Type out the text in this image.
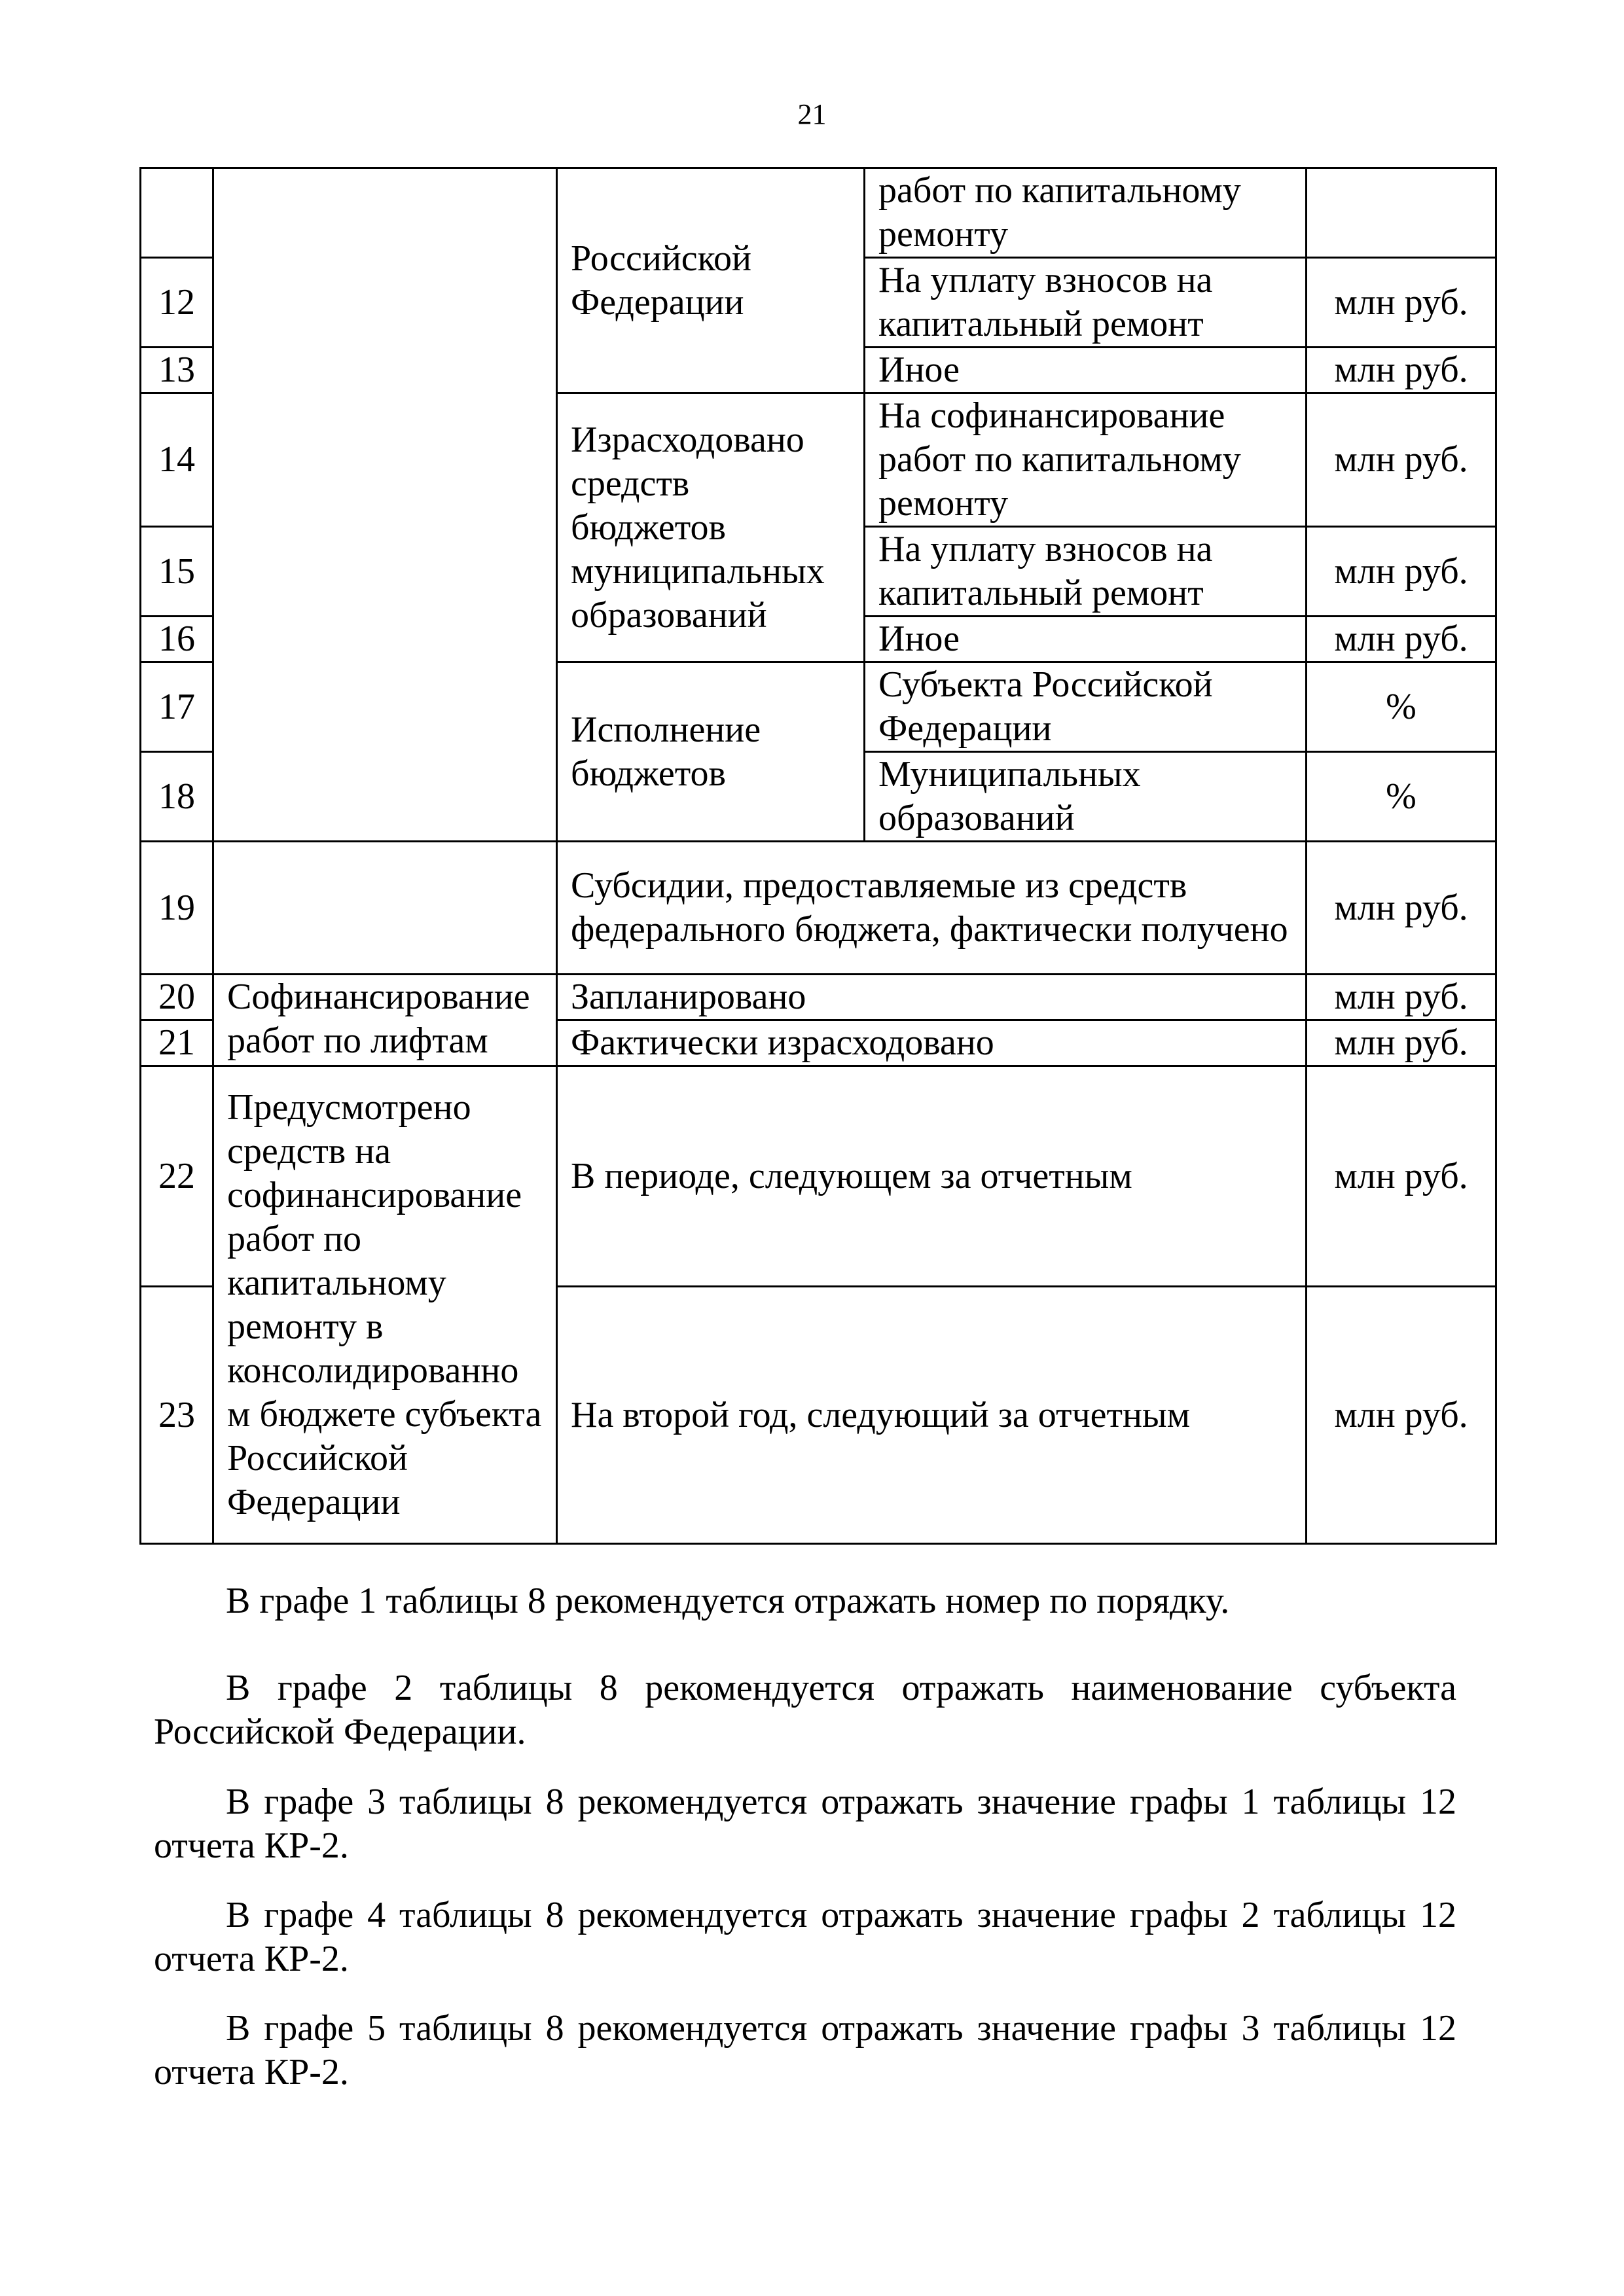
21
		Российской Федерации	работ по капитальному ремонту	
12			На уплату взносов на капитальный ремонт	млн руб.
13			Иное	млн руб.
14		Израсходовано средств бюджетов муниципальных образований	На софинансирование работ по капитальному ремонту	млн руб.
15			На уплату взносов на капитальный ремонт	млн руб.
16			Иное	млн руб.
17		Исполнение бюджетов	Субъекта Российской Федерации	%
18			Муниципальных образований	%
19		Субсидии, предоставляемые из средств федерального бюджета, фактически получено		млн руб.
20	Софинансирование работ по лифтам	Запланировано		млн руб.
21		Фактически израсходовано		млн руб.
22	Предусмотрено средств на софинансирование работ по капитальному ремонту в консолидированно м бюджете субъекта Российской Федерации	В периоде, следующем за отчетным		млн руб.
23		На второй год, следующий за отчетным		млн руб.

В графе 1 таблицы 8 рекомендуется отражать номер по порядку.

В графе 2 таблицы 8 рекомендуется отражать наименование субъекта Российской Федерации.

В графе 3 таблицы 8 рекомендуется отражать значение графы 1 таблицы 12 отчета КР-2.

В графе 4 таблицы 8 рекомендуется отражать значение графы 2 таблицы 12 отчета КР-2.

В графе 5 таблицы 8 рекомендуется отражать значение графы 3 таблицы 12 отчета КР-2.
